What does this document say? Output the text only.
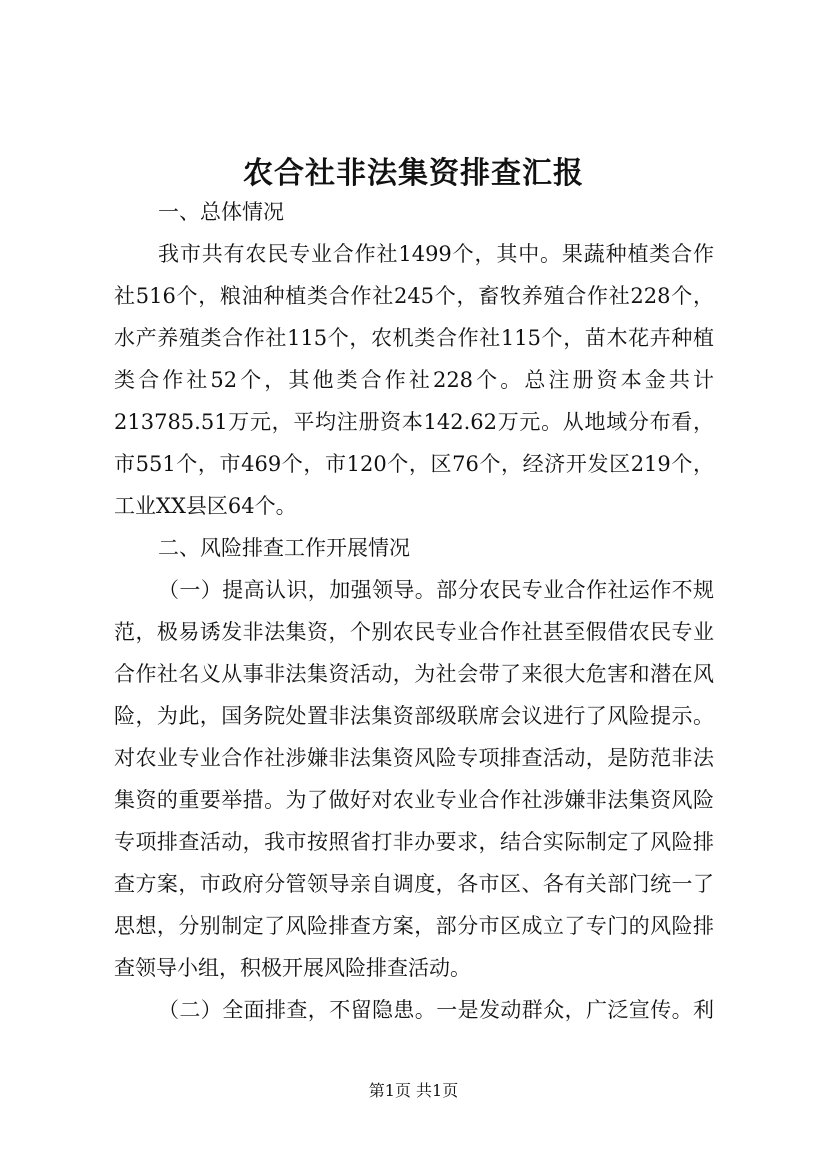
农合社非法集资排查汇报
一、总体情况
我市共有农民专业合作社1499个，其中。果蔬种植类合作
社516个，粮油种植类合作社245个，畜牧养殖合作社228个，
水产养殖类合作社115个，农机类合作社115个，苗木花卉种植
类合作社52个，其他类合作社228个。总注册资本金共计
213785.51万元，平均注册资本142.62万元。从地域分布看，
市551个，市469个，市120个，区76个，经济开发区219个，
工业XX县区64个。
二、风险排查工作开展情况
（一）提高认识，加强领导。部分农民专业合作社运作不规
范，极易诱发非法集资，个别农民专业合作社甚至假借农民专业
合作社名义从事非法集资活动，为社会带了来很大危害和潜在风
险，为此，国务院处置非法集资部级联席会议进行了风险提示。
对农业专业合作社涉嫌非法集资风险专项排查活动，是防范非法
集资的重要举措。为了做好对农业专业合作社涉嫌非法集资风险
专项排查活动，我市按照省打非办要求，结合实际制定了风险排
查方案，市政府分管领导亲自调度，各市区、各有关部门统一了
思想，分别制定了风险排查方案，部分市区成立了专门的风险排
查领导小组，积极开展风险排查活动。
（二）全面排查，不留隐患。一是发动群众，广泛宣传。利
第1页 共1页
